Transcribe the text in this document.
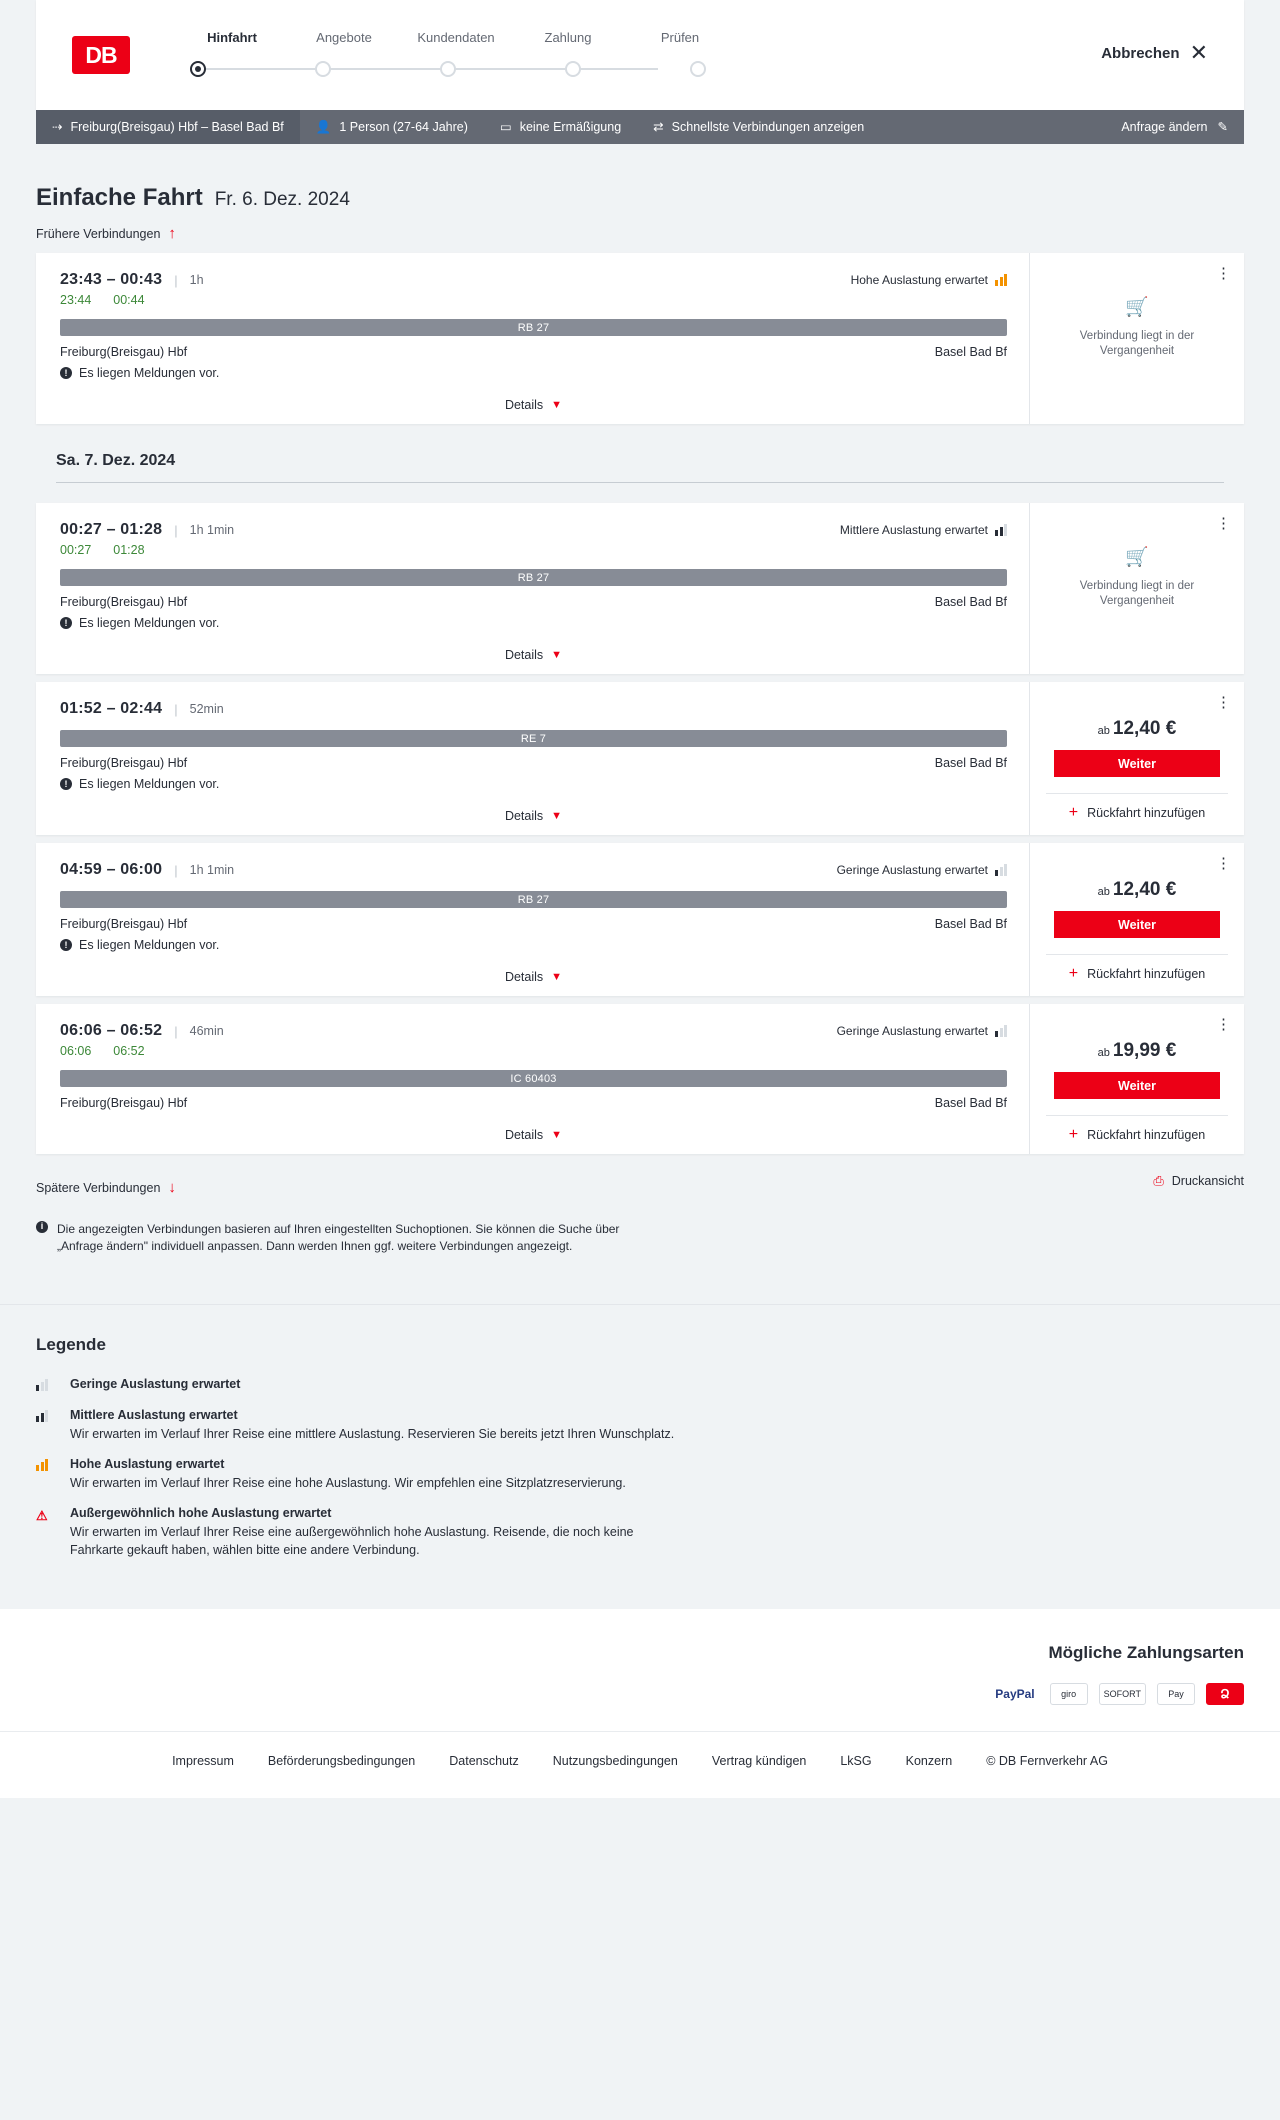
DB
Hinfahrt	Angebote	Kundendaten	Zahlung	Prüfen
Abbrechen ✕
⇢ Freiburg(Breisgau) Hbf – Basel Bad Bf	👤 1 Person (27-64 Jahre)	▭ keine Ermäßigung	⇄ Schnellste Verbindungen anzeigen	Anfrage ändern ✎
Einfache Fahrt Fr. 6. Dez. 2024
Frühere Verbindungen ↑
23:43 – 00:43 | 1h	Hohe Auslastung erwartet
23:44 00:44
RB 27
Freiburg(Breisgau) Hbf	Basel Bad Bf
! Es liegen Meldungen vor.
Details ▼
⋮
🛒
Verbindung liegt in der Vergangenheit
Sa. 7. Dez. 2024
00:27 – 01:28 | 1h 1min	Mittlere Auslastung erwartet
00:27 01:28
RB 27
Freiburg(Breisgau) Hbf	Basel Bad Bf
! Es liegen Meldungen vor.
Details ▼
⋮
🛒
Verbindung liegt in der Vergangenheit
01:52 – 02:44 | 52min
RE 7
Freiburg(Breisgau) Hbf	Basel Bad Bf
! Es liegen Meldungen vor.
Details ▼
⋮
ab 12,40 €
Weiter
+ Rückfahrt hinzufügen
04:59 – 06:00 | 1h 1min	Geringe Auslastung erwartet
RB 27
Freiburg(Breisgau) Hbf	Basel Bad Bf
! Es liegen Meldungen vor.
Details ▼
⋮
ab 12,40 €
Weiter
+ Rückfahrt hinzufügen
06:06 – 06:52 | 46min	Geringe Auslastung erwartet
06:06 06:52
IC 60403
Freiburg(Breisgau) Hbf	Basel Bad Bf
Details ▼
⋮
ab 19,99 €
Weiter
+ Rückfahrt hinzufügen
Spätere Verbindungen ↓	⎙ Druckansicht
i	Die angezeigten Verbindungen basieren auf Ihren eingestellten Suchoptionen. Sie können die Suche über „Anfrage ändern" individuell anpassen. Dann werden Ihnen ggf. weitere Verbindungen angezeigt.
Legende
Geringe Auslastung erwartet
Mittlere Auslastung erwartet
Wir erwarten im Verlauf Ihrer Reise eine mittlere Auslastung. Reservieren Sie bereits jetzt Ihren Wunschplatz.
Hohe Auslastung erwartet
Wir erwarten im Verlauf Ihrer Reise eine hohe Auslastung. Wir empfehlen eine Sitzplatzreservierung.
⚠	Außergewöhnlich hohe Auslastung erwartet
Wir erwarten im Verlauf Ihrer Reise eine außergewöhnlich hohe Auslastung. Reisende, die noch keine Fahrkarte gekauft haben, wählen bitte eine andere Verbindung.
Mögliche Zahlungsarten
PayPal	giro	SOFORT	Pay	Ձ
Impressum	Beförderungsbedingungen	Datenschutz	Nutzungsbedingungen	Vertrag kündigen	LkSG	Konzern	© DB Fernverkehr AG
